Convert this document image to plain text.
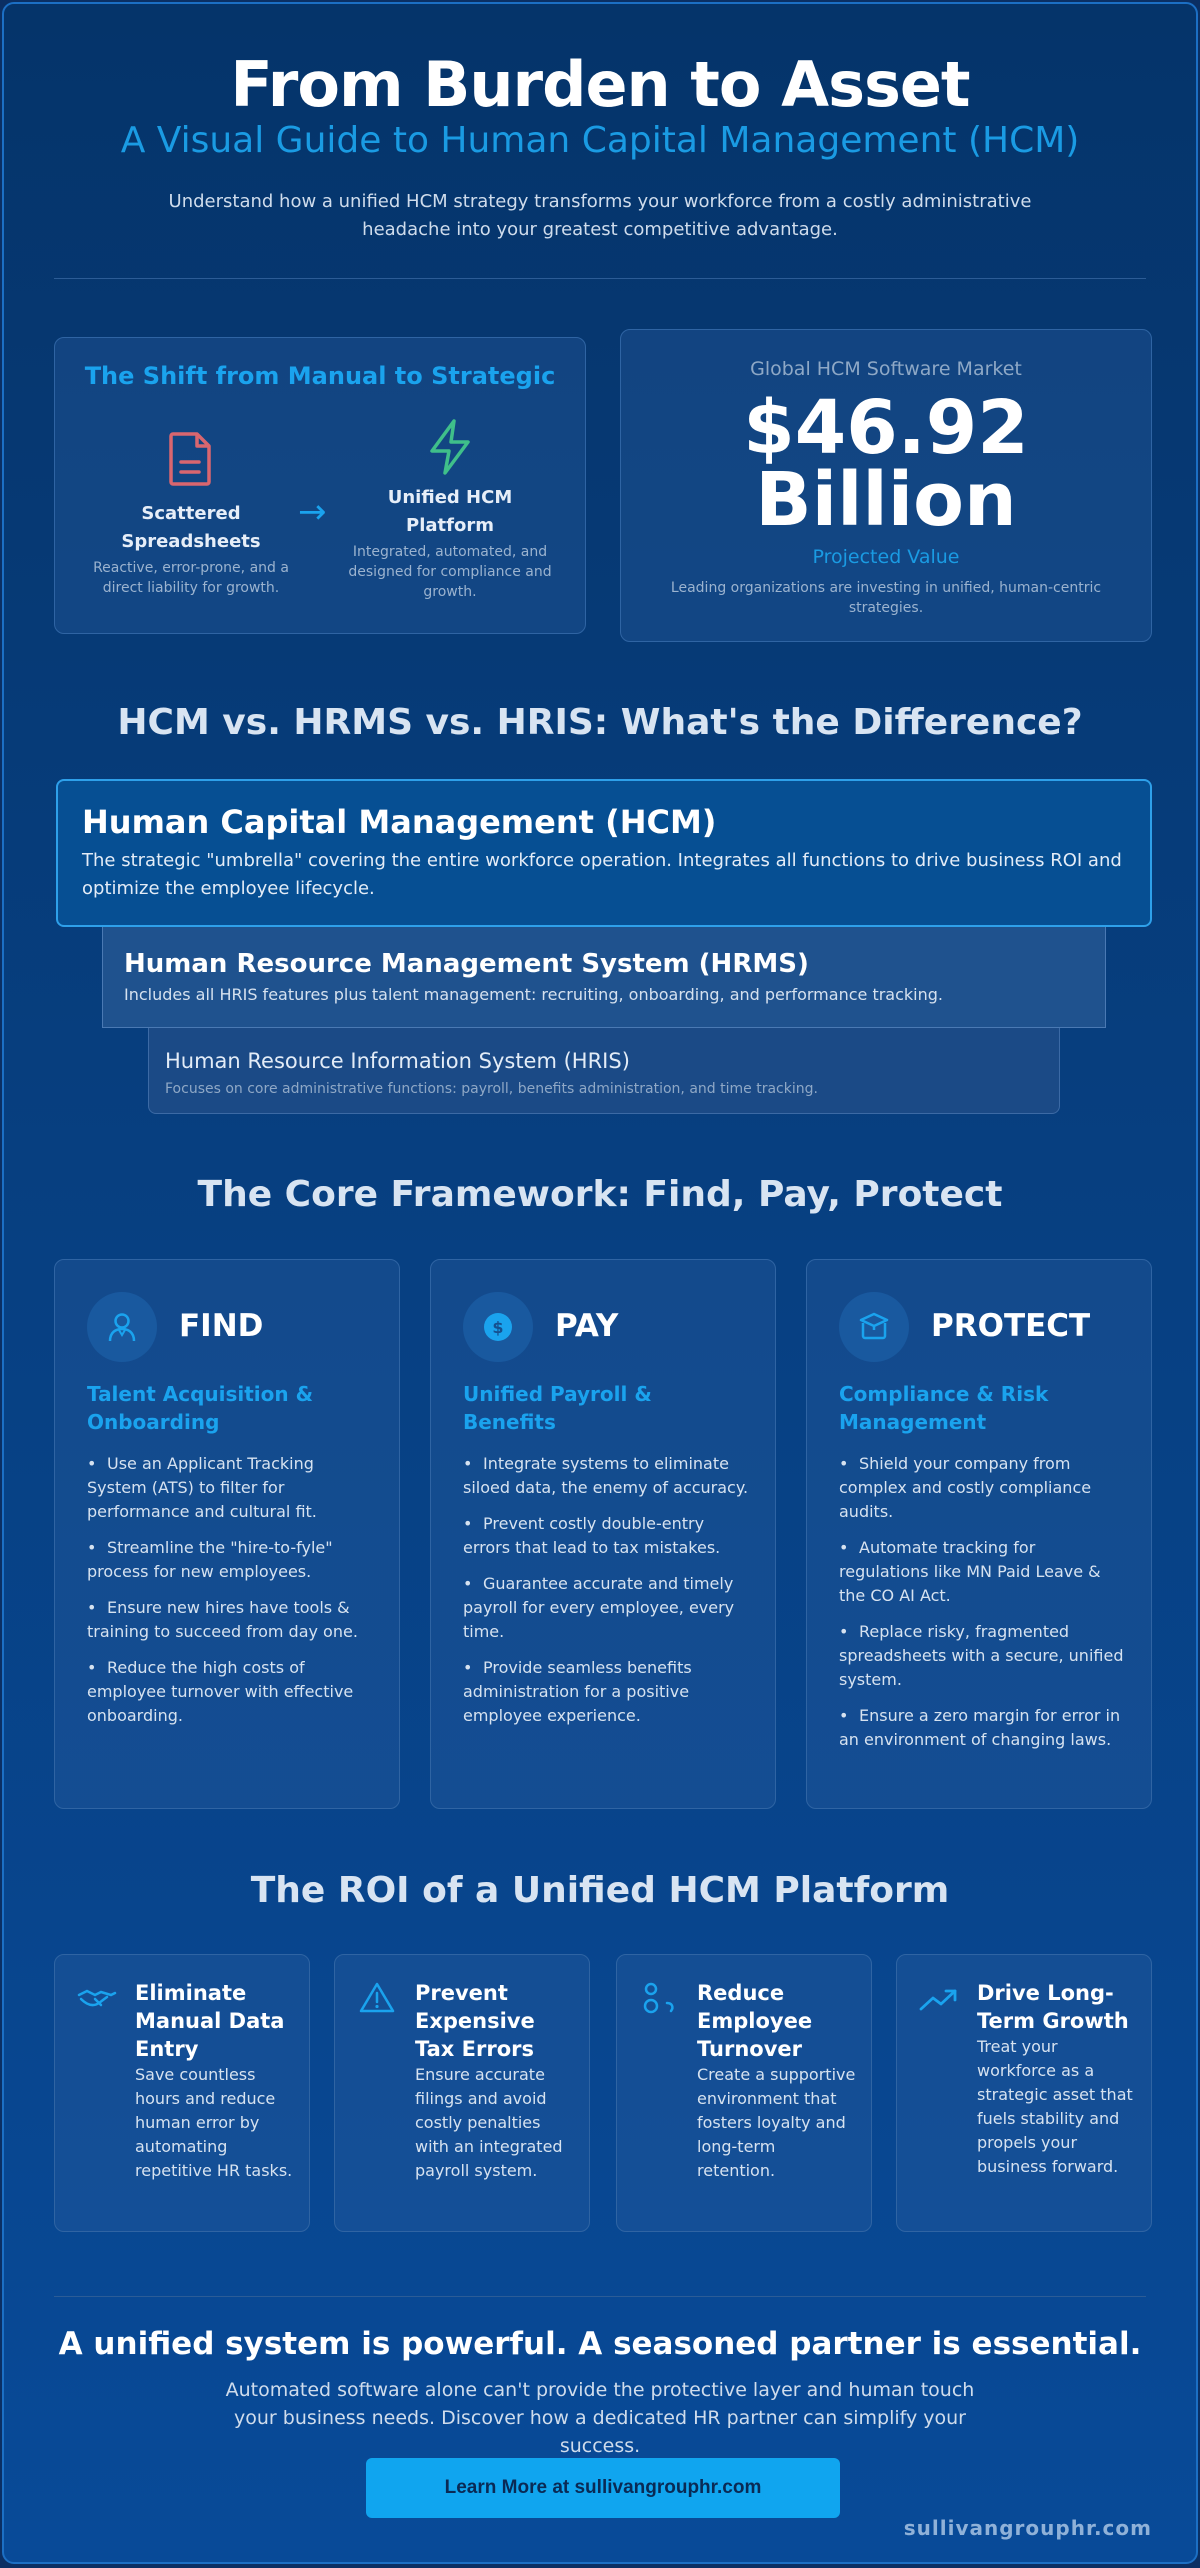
From Burden to Asset
A Visual Guide to Human Capital Management (HCM)
Understand how a unified HCM strategy transforms your workforce from a costly administrative headache into your greatest competitive advantage.
The Shift from Manual to Strategic
Scattered Spreadsheets
Reactive, error-prone, and a direct liability for growth.
→	Unified HCM Platform
Integrated, automated, and designed for compliance and growth.
Global HCM Software Market
$46.92
Billion
Projected Value
Leading organizations are investing in unified, human-centric strategies.
HCM vs. HRMS vs. HRIS: What's the Difference?
Human Resource Information System (HRIS)
Focuses on core administrative functions: payroll, benefits administration, and time tracking.
Human Resource Management System (HRMS)
Includes all HRIS features plus talent management: recruiting, onboarding, and performance tracking.
Human Capital Management (HCM)
The strategic "umbrella" covering the entire workforce operation. Integrates all functions to drive business ROI and optimize the employee lifecycle.
The Core Framework: Find, Pay, Protect
FIND
Talent Acquisition & Onboarding
• Use an Applicant Tracking System (ATS) to filter for performance and cultural fit.
• Streamline the "hire-to-fyle" process for new employees.
• Ensure new hires have tools & training to succeed from day one.
• Reduce the high costs of employee turnover with effective onboarding.
$ PAY
Unified Payroll & Benefits
• Integrate systems to eliminate siloed data, the enemy of accuracy.
• Prevent costly double-entry errors that lead to tax mistakes.
• Guarantee accurate and timely payroll for every employee, every time.
• Provide seamless benefits administration for a positive employee experience.
PROTECT
Compliance & Risk Management
• Shield your company from complex and costly compliance audits.
• Automate tracking for regulations like MN Paid Leave & the CO AI Act.
• Replace risky, fragmented spreadsheets with a secure, unified system.
• Ensure a zero margin for error in an environment of changing laws.
The ROI of a Unified HCM Platform
Eliminate Manual Data Entry
Save countless hours and reduce human error by automating repetitive HR tasks.
Prevent Expensive Tax Errors
Ensure accurate filings and avoid costly penalties with an integrated payroll system.
Reduce Employee Turnover
Create a supportive environment that fosters loyalty and long-term retention.
Drive Long-Term Growth
Treat your workforce as a strategic asset that fuels stability and propels your business forward.
A unified system is powerful. A seasoned partner is essential.
Automated software alone can't provide the protective layer and human touch your business needs. Discover how a dedicated HR partner can simplify your success.
Learn More at sullivangrouphr.com
sullivangrouphr.com
